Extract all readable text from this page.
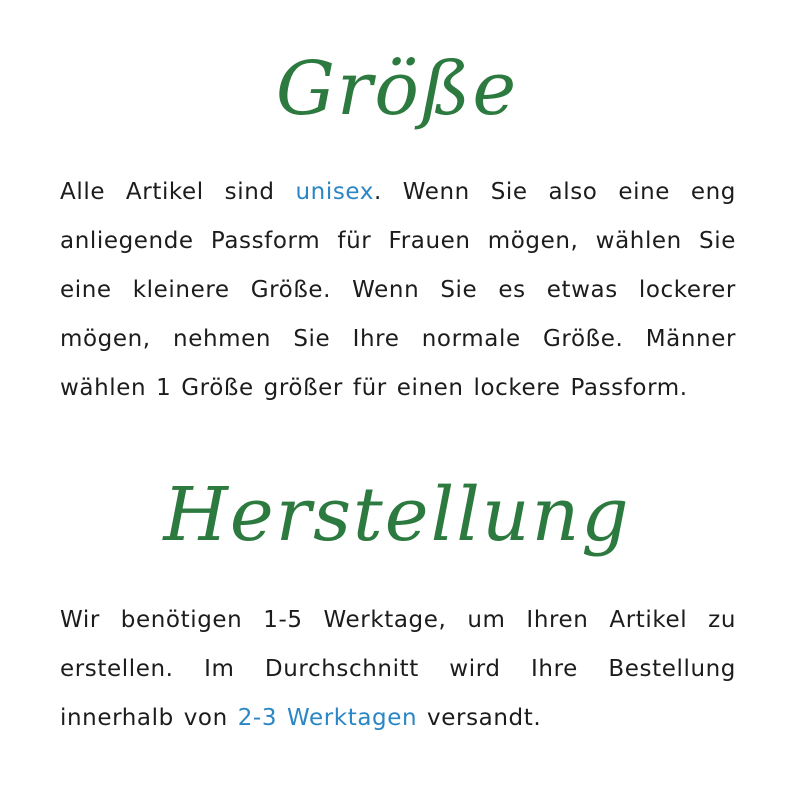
Größe

Alle Artikel sind unisex. Wenn Sie also eine eng anliegende Passform für Frauen mögen, wählen Sie eine kleinere Größe. Wenn Sie es etwas lockerer mögen, nehmen Sie Ihre normale Größe. Männer wählen 1 Größe größer für einen lockere Passform.

Herstellung

Wir benötigen 1-5 Werktage, um Ihren Artikel zu erstellen. Im Durchschnitt wird Ihre Bestellung innerhalb von 2-3 Werktagen versandt.
